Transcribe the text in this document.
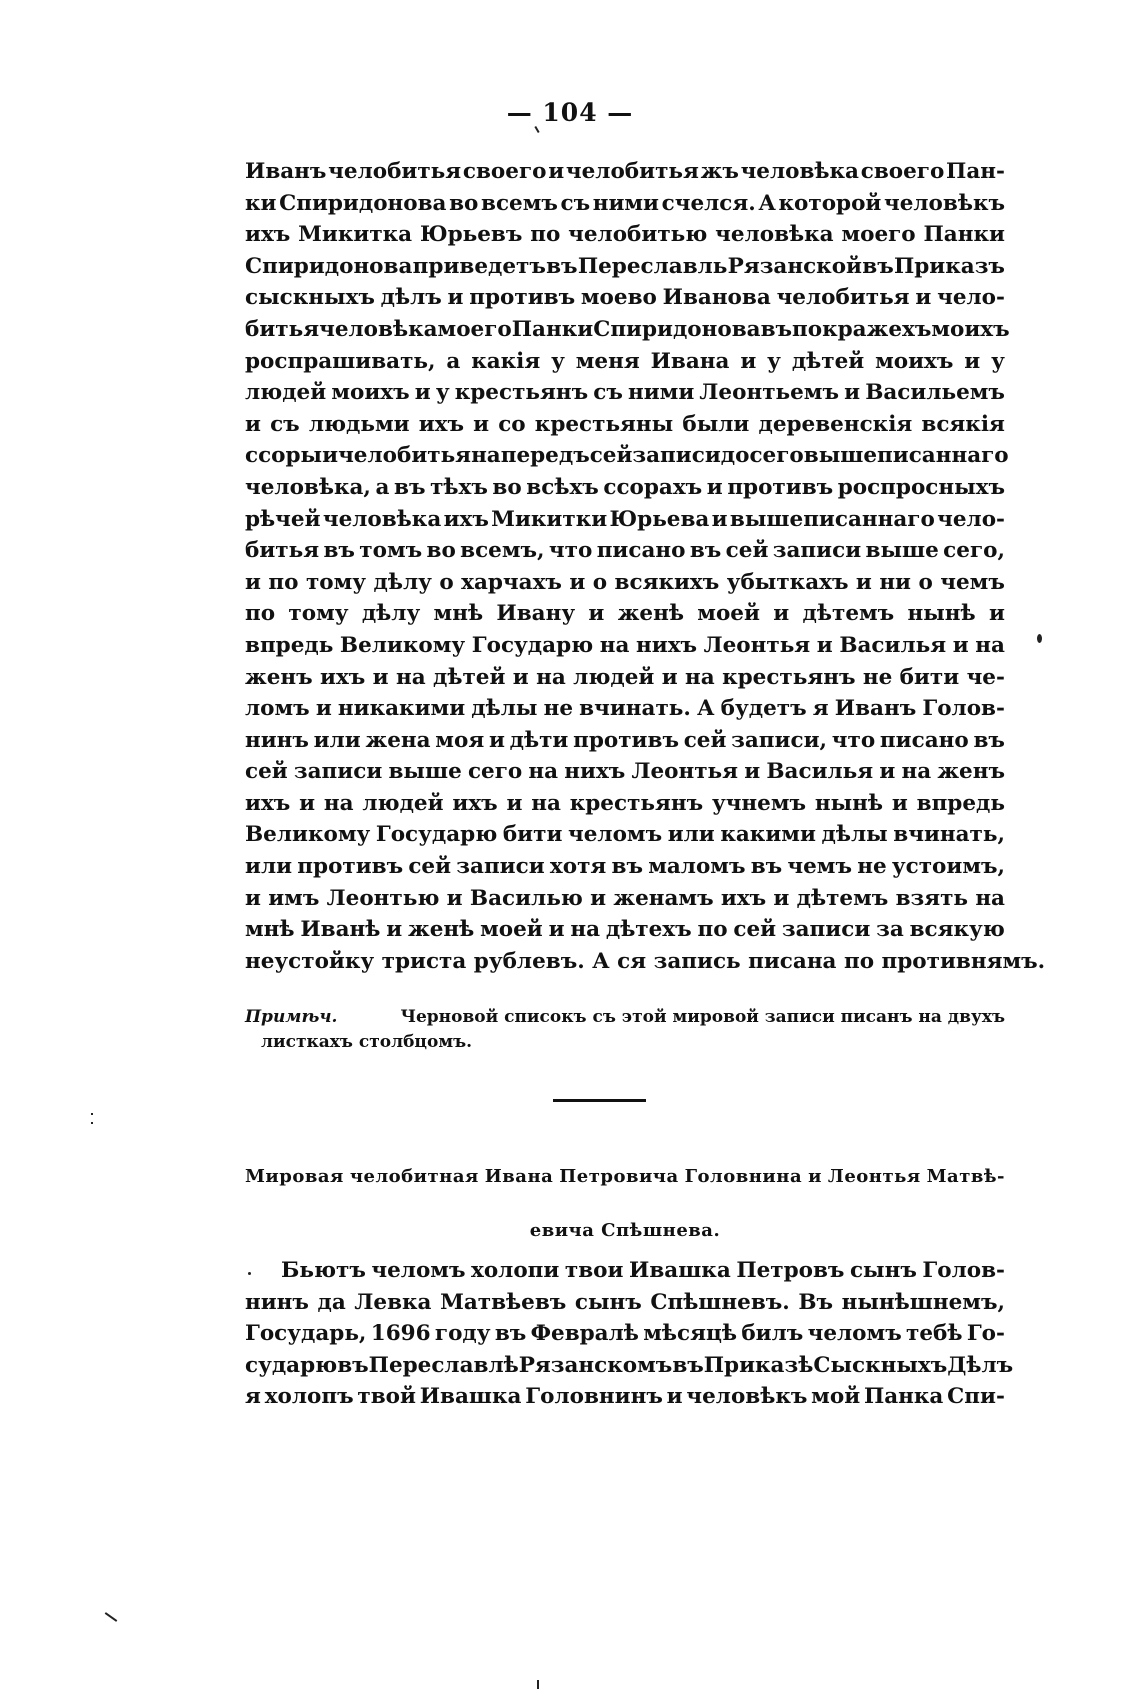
— 104 —
Иванъ челобитья своего и челобитья жъ человѣка своего Пан-
ки Спиридонова во всемъ съ ними счелся. А которой человѣкъ
ихъ Микитка Юрьевъ по челобитью человѣка моего Панки
Спиридонова приведетъ въ Переславль Рязанской въ Приказъ
сыскныхъ дѣлъ и противъ моево Иванова челобитья и чело-
битья человѣка моего Панки Спиридонова въ покражехъ моихъ
роспрашивать, а какія у меня Ивана и у дѣтей моихъ и у
людей моихъ и у крестьянъ съ ними Леонтьемъ и Васильемъ
и съ людьми ихъ и со крестьяны были деревенскія всякія
ссоры и челобитья напередъ сей записи до сего вышеписаннаго
человѣка, а въ тѣхъ во всѣхъ ссорахъ и противъ роспросныхъ
рѣчей человѣка ихъ Микитки Юрьева и вышеписаннаго чело-
битья въ томъ во всемъ, что писано въ сей записи выше сего,
и по тому дѣлу о харчахъ и о всякихъ убыткахъ и ни о чемъ
по тому дѣлу мнѣ Ивану и женѣ моей и дѣтемъ нынѣ и
впредь Великому Государю на нихъ Леонтья и Василья и на
женъ ихъ и на дѣтей и на людей и на крестьянъ не бити че-
ломъ и никакими дѣлы не вчинать. А будетъ я Иванъ Голов-
нинъ или жена моя и дѣти противъ сей записи, что писано въ
сей записи выше сего на нихъ Леонтья и Василья и на женъ
ихъ и на людей ихъ и на крестьянъ учнемъ нынѣ и впредь
Великому Государю бити челомъ или какими дѣлы вчинать,
или противъ сей записи хотя въ маломъ въ чемъ не устоимъ,
и имъ Леонтью и Василью и женамъ ихъ и дѣтемъ взять на
мнѣ Иванѣ и женѣ моей и на дѣтехъ по сей записи за всякую
неустойку триста рублевъ. А ся запись писана по противнямъ.
Примѣч.	Черновой списокъ съ этой мировой записи писанъ на двухъ
листкахъ столбцомъ.
Мировая челобитная Ивана Петровича Головнина и Леонтья Матвѣ-
евича Спѣшнева.
Бьютъ челомъ холопи твои Ивашка Петровъ сынъ Голов-
нинъ да Левка Матвѣевъ сынъ Спѣшневъ. Въ нынѣшнемъ,
Государь, 1696 году въ Февралѣ мѣсяцѣ билъ челомъ тебѣ Го-
сударю въ Переславлѣ Рязанскомъ въ Приказѣ Сыскныхъ Дѣлъ
я холопъ твой Ивашка Головнинъ и человѣкъ мой Панка Спи-
